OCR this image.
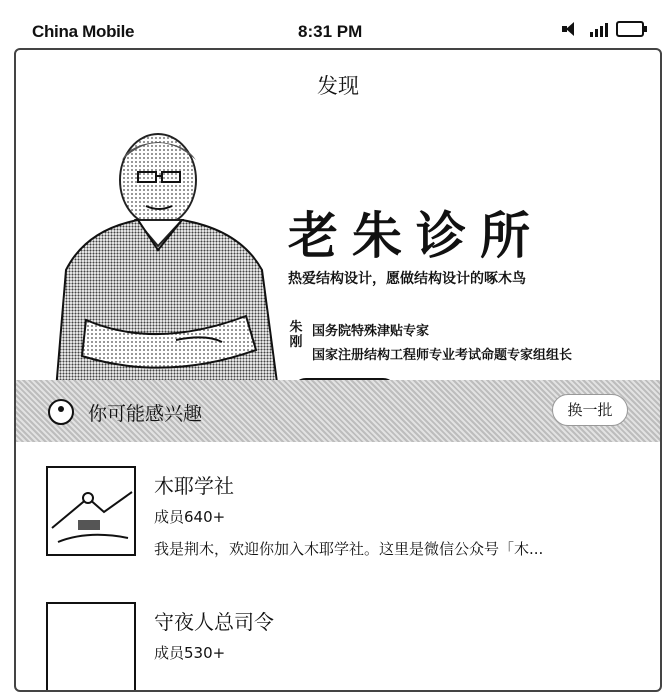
China Mobile	8:31 PM
发现
老朱诊所
热爱结构设计，愿做结构设计的啄木鸟
朱刚
国务院特殊津贴专家
国家注册结构工程师专业考试命题专家组组长
你可能感兴趣	换一批
木耶学社
成员640+
我是荆木，欢迎你加入木耶学社。这里是微信公众号「木...
守夜人总司令
成员530+
